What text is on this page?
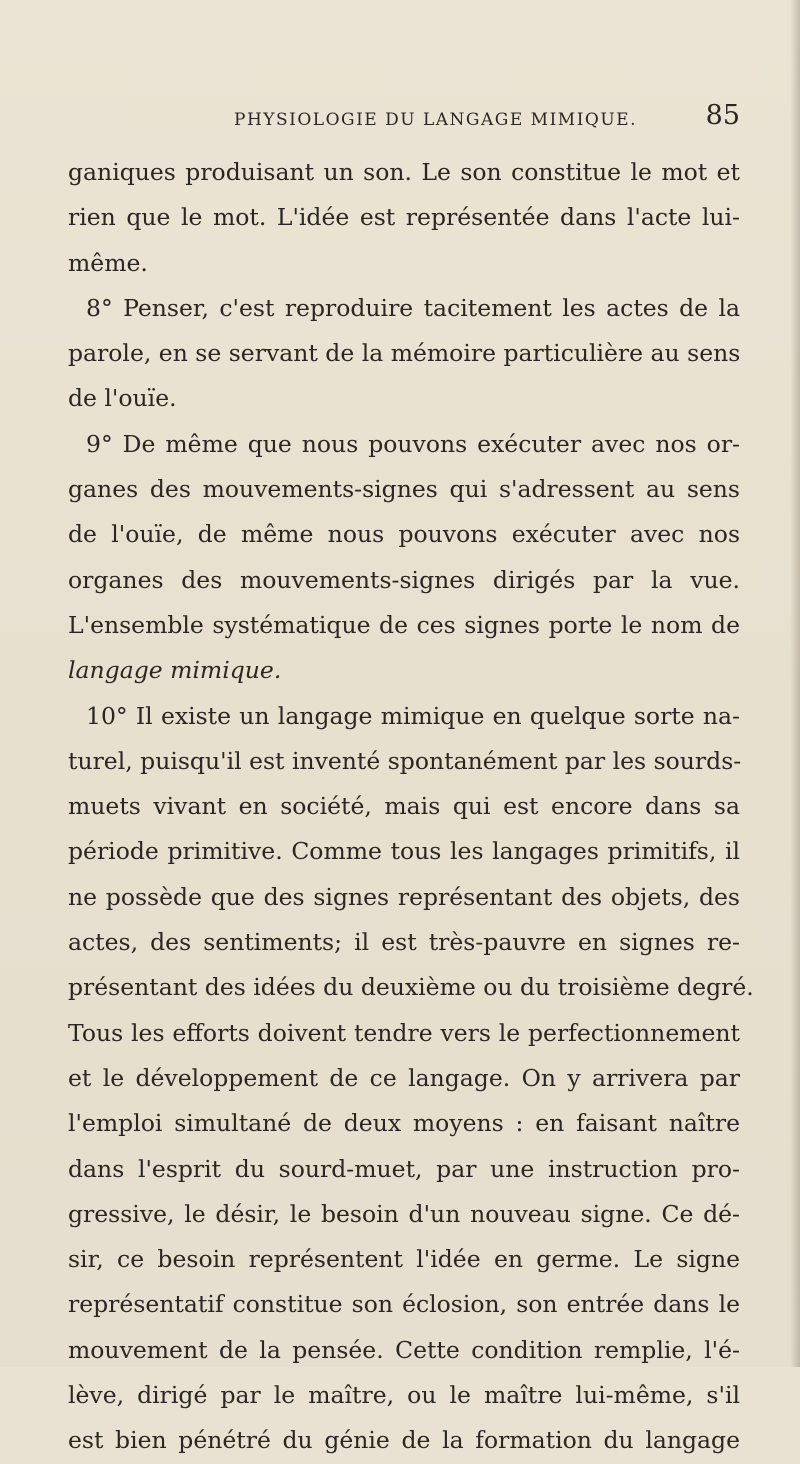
PHYSIOLOGIE DU LANGAGE MIMIQUE.	85
ganiques produisant un son. Le son constitue le mot et
rien que le mot. L'idée est représentée dans l'acte lui-
même.
8° Penser, c'est reproduire tacitement les actes de la
parole, en se servant de la mémoire particulière au sens
de l'ouïe.
9° De même que nous pouvons exécuter avec nos or-
ganes des mouvements-signes qui s'adressent au sens
de l'ouïe, de même nous pouvons exécuter avec nos
organes des mouvements-signes dirigés par la vue.
L'ensemble systématique de ces signes porte le nom de
langage mimique.
10° Il existe un langage mimique en quelque sorte na-
turel, puisqu'il est inventé spontanément par les sourds-
muets vivant en société, mais qui est encore dans sa
période primitive. Comme tous les langages primitifs, il
ne possède que des signes représentant des objets, des
actes, des sentiments; il est très-pauvre en signes re-
présentant des idées du deuxième ou du troisième degré.
Tous les efforts doivent tendre vers le perfectionnement
et le développement de ce langage. On y arrivera par
l'emploi simultané de deux moyens : en faisant naître
dans l'esprit du sourd-muet, par une instruction pro-
gressive, le désir, le besoin d'un nouveau signe. Ce dé-
sir, ce besoin représentent l'idée en germe. Le signe
représentatif constitue son éclosion, son entrée dans le
mouvement de la pensée. Cette condition remplie, l'é-
lève, dirigé par le maître, ou le maître lui-même, s'il
est bien pénétré du génie de la formation du langage
